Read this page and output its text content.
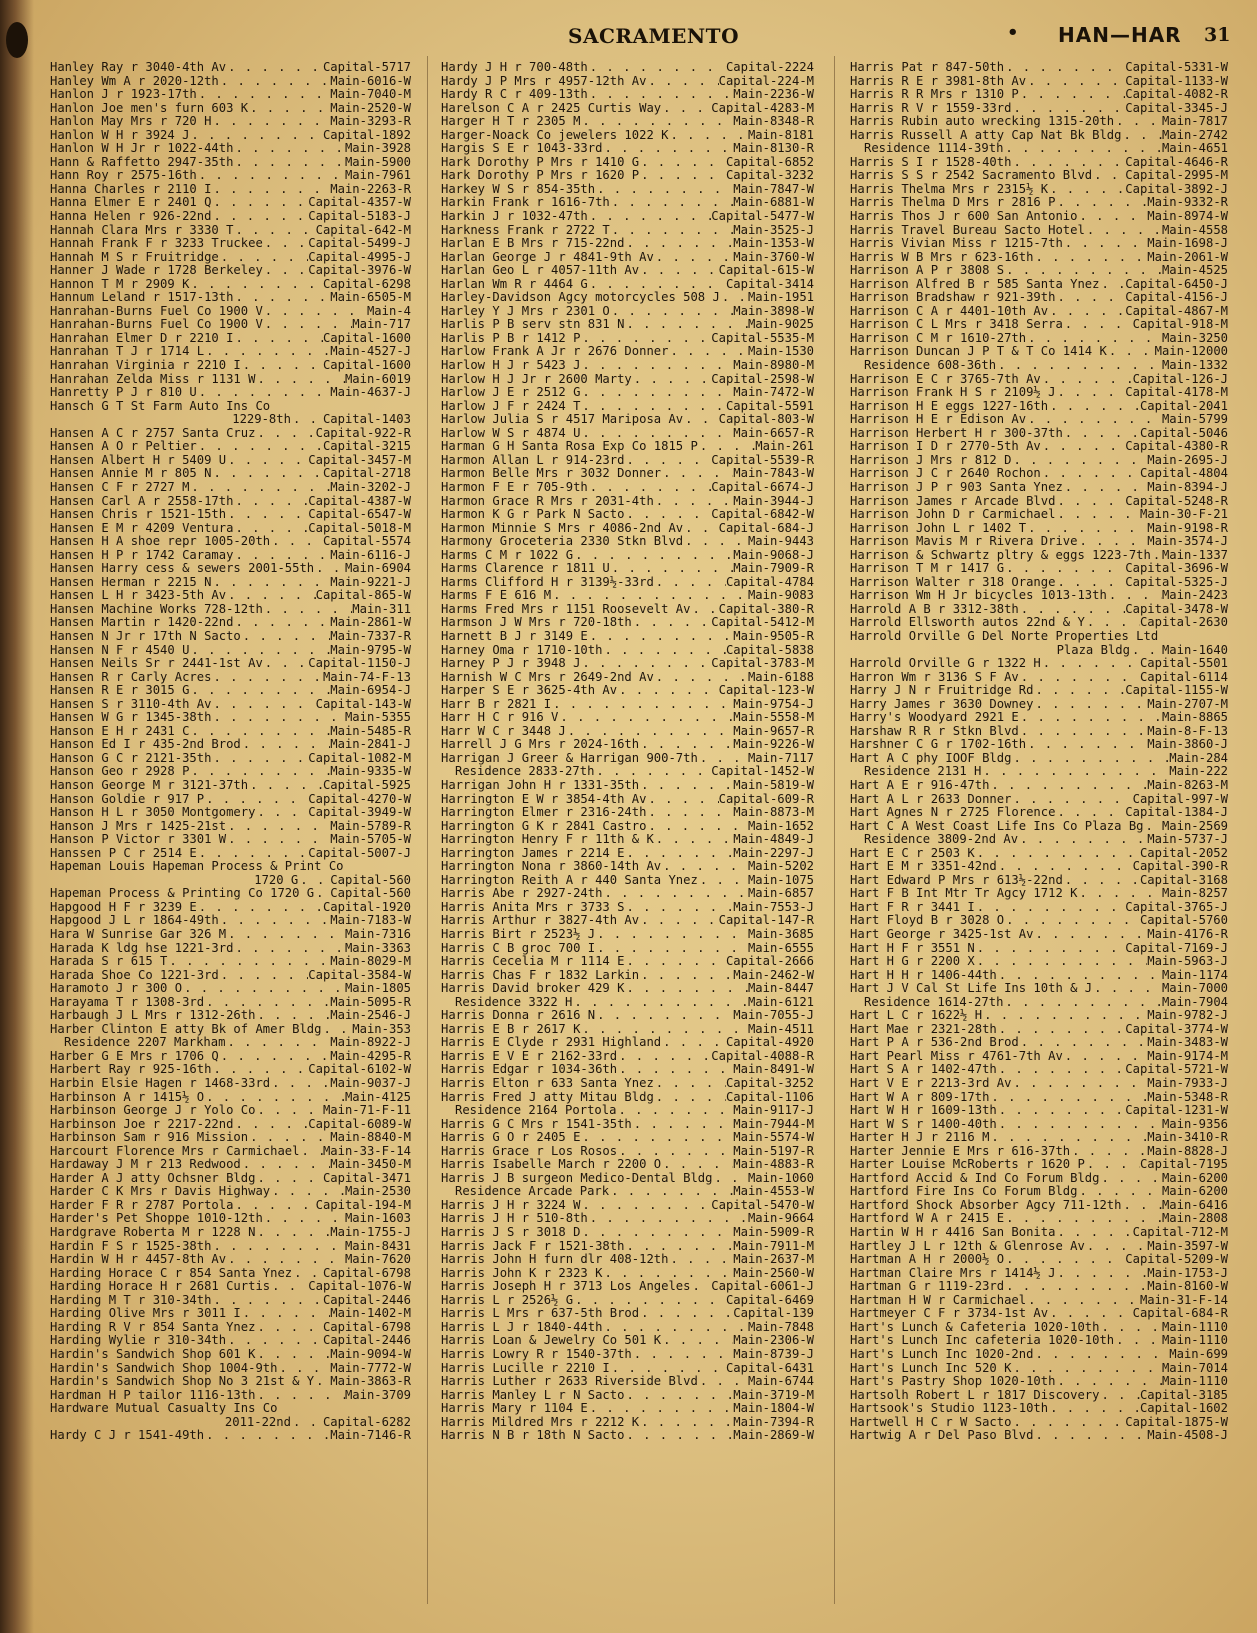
SACRAMENTO	• HAN—HAR 31
Hanley Ray r 3040-4th Av . . .	Capital-5717
Hanley Wm A r 2020-12th . . .	Main-6016-W
Hanlon J r 1923-17th . . .	Main-7040-M
Hanlon Joe men's furn 603 K . . .	Main-2520-W
Hanlon May Mrs r 720 H . . .	Main-3293-R
Hanlon W H r 3924 J . . .	Capital-1892
Hanlon W H Jr r 1022-44th . . .	Main-3928
Hann & Raffetto 2947-35th . . .	Main-5900
Hann Roy r 2575-16th . . .	Main-7961
Hanna Charles r 2110 I . . .	Main-2263-R
Hanna Elmer E r 2401 Q . . .	Capital-4357-W
Hanna Helen r 926-22nd . . .	Capital-5183-J
Hannah Clara Mrs r 3330 T . . .	Capital-642-M
Hannah Frank F r 3233 Truckee . . .	Capital-5499-J
Hannah M S r Fruitridge . . .	Capital-4995-J
Hanner J Wade r 1728 Berkeley . . .	Capital-3976-W
Hannon T M r 2909 K . . .	Capital-6298
Hannum Leland r 1517-13th . . .	Main-6505-M
Hanrahan-Burns Fuel Co 1900 V . . .	Main-4
Hanrahan-Burns Fuel Co 1900 V . . .	Main-717
Hanrahan Elmer D r 2210 I . . .	Capital-1600
Hanrahan T J r 1714 L . . .	Main-4527-J
Hanrahan Virginia r 2210 I . . .	Capital-1600
Hanrahan Zelda Miss r 1131 W . . .	Main-6019
Hanretty P J r 810 U . . .	Main-4637-J
Hansch G T St Farm Auto Ins Co
1229-8th . . .	Capital-1403
Hansen A C r 2757 Santa Cruz . . .	Capital-922-R
Hansen A O r Peltier . . .	Capital-3215
Hansen Albert H r 5409 U . . .	Capital-3457-M
Hansen Annie M r 805 N . . .	Capital-2718
Hansen C F r 2727 M . . .	Main-3202-J
Hansen Carl A r 2558-17th . . .	Capital-4387-W
Hansen Chris r 1521-15th . . .	Capital-6547-W
Hansen E M r 4209 Ventura . . .	Capital-5018-M
Hansen H A shoe repr 1005-20th . . .	Capital-5574
Hansen H P r 1742 Caramay . . .	Main-6116-J
Hansen Harry cess & sewers 2001-55th . . .	Main-6904
Hansen Herman r 2215 N . . .	Main-9221-J
Hansen L H r 3423-5th Av . . .	Capital-865-W
Hansen Machine Works 728-12th . . .	Main-311
Hansen Martin r 1420-22nd . . .	Main-2861-W
Hansen N Jr r 17th N Sacto . . .	Main-7337-R
Hansen N F r 4540 U . . .	Main-9795-W
Hansen Neils Sr r 2441-1st Av . . .	Capital-1150-J
Hansen R r Carly Acres . . .	Main-74-F-13
Hansen R E r 3015 G . . .	Main-6954-J
Hansen S r 3110-4th Av . . .	Capital-143-W
Hansen W G r 1345-38th . . .	Main-5355
Hanson E H r 2431 C . . .	Main-5485-R
Hanson Ed I r 435-2nd Brod . . .	Main-2841-J
Hanson G C r 2121-35th . . .	Capital-1082-M
Hanson Geo r 2928 P . . .	Main-9335-W
Hanson George M r 3121-37th . . .	Capital-5925
Hanson Goldie r 917 P . . .	Capital-4270-W
Hanson H L r 3050 Montgomery . . .	Capital-3949-W
Hanson J Mrs r 1425-21st . . .	Main-5789-R
Hanson P Victor r 3301 W . . .	Main-5705-W
Hanssen P C r 2514 E . . .	Capital-5007-J
Hapeman Louis Hapeman Process & Print Co
1720 G . . .	Capital-560
Hapeman Process & Printing Co 1720 G . . . Capital-560
Hapgood H F r 3239 E . . .	Capital-1920
Hapgood J L r 1864-49th . . .	Main-7183-W
Hara W Sunrise Gar 326 M . . .	Main-7316
Harada K ldg hse 1221-3rd . . .	Main-3363
Harada S r 615 T . . .	Main-8029-M
Harada Shoe Co 1221-3rd . . .	Capital-3584-W
Haramoto J r 300 O . . .	Main-1805
Harayama T r 1308-3rd . . .	Main-5095-R
Harbaugh J L Mrs r 1312-26th . . .	Main-2546-J
Harber Clinton E atty Bk of Amer Bldg . . .	Main-353
Residence 2207 Markham . . .	Main-8922-J
Harber G E Mrs r 1706 Q . . .	Main-4295-R
Harbert Ray r 925-16th . . .	Capital-6102-W
Harbin Elsie Hagen r 1468-33rd . . .	Main-9037-J
Harbinson A r 1415½ O . . .	Main-4125
Harbinson George J r Yolo Co . . .	Main-71-F-11
Harbinson Joe r 2217-22nd . . .	Capital-6089-W
Harbinson Sam r 916 Mission . . .	Main-8840-M
Harcourt Florence Mrs r Carmichael . . . Main-33-F-14
Hardaway J M r 213 Redwood . . .	Main-3450-M
Harder A J atty Ochsner Bldg . . .	Capital-3471
Harder C K Mrs r Davis Highway . . .	Main-2530
Harder F R r 2787 Portola . . .	Capital-194-M
Harder's Pet Shoppe 1010-12th . . .	Main-1603
Hardgrave Roberta M r 1228 N . . .	Main-1755-J
Hardin F S r 1525-38th . . .	Main-8431
Hardin W H r 4457-8th Av . . .	Main-7620
Harding Horace C r 854 Santa Ynez . . .	Capital-6798
Harding Horace H r 2681 Curtis . . .	Capital-1076-W
Harding M T r 310-34th . . .	Capital-2446
Harding Olive Mrs r 3011 I . . .	Main-1402-M
Harding R V r 854 Santa Ynez . . .	Capital-6798
Harding Wylie r 310-34th . . .	Capital-2446
Hardin's Sandwich Shop 601 K . . .	Main-9094-W
Hardin's Sandwich Shop 1004-9th . . .	Main-7772-W
Hardin's Sandwich Shop No 3 21st & Y . . . Main-3863-R
Hardman H P tailor 1116-13th . . .	Main-3709
Hardware Mutual Casualty Ins Co
2011-22nd . . .	Capital-6282
Hardy C J r 1541-49th . . .	Main-7146-R
Hardy J H r 700-48th . . .	Capital-2224
Hardy J P Mrs r 4957-12th Av . . .	Capital-224-M
Hardy R C r 409-13th . . .	Main-2236-W
Harelson C A r 2425 Curtis Way . . .	Capital-4283-M
Harger H T r 2305 M . . .	Main-8348-R
Harger-Noack Co jewelers 1022 K . . .	Main-8181
Hargis S E r 1043-33rd . . .	Main-8130-R
Hark Dorothy P Mrs r 1410 G . . .	Capital-6852
Hark Dorothy P Mrs r 1620 P . . .	Capital-3232
Harkey W S r 854-35th . . .	Main-7847-W
Harkin Frank r 1616-7th . . .	Main-6881-W
Harkin J r 1032-47th . . .	Capital-5477-W
Harkness Frank r 2722 T . . .	Main-3525-J
Harlan E B Mrs r 715-22nd . . .	Main-1353-W
Harlan George J r 4841-9th Av . . .	Main-3760-W
Harlan Geo L r 4057-11th Av . . .	Capital-615-W
Harlan Wm R r 4464 G . . .	Capital-3414
Harley-Davidson Agcy motorcycles 508 J . . . Main-1951
Harley Y J Mrs r 2301 O . . .	Main-3898-W
Harlis P B serv stn 831 N . . .	Main-9025
Harlis P B r 1412 P . . .	Capital-5535-M
Harlow Frank A Jr r 2676 Donner . . .	Main-1530
Harlow H J r 5423 J . . .	Main-8980-M
Harlow H J Jr r 2600 Marty . . .	Capital-2598-W
Harlow J E r 2512 G . . .	Main-7472-W
Harlow J F r 2424 T . . .	Capital-5591
Harlow Julia S r 4517 Mariposa Av . . .	Capital-803-W
Harlow W S r 4874 U . . .	Main-6657-R
Harman G H Santa Rosa Exp Co 1815 P . . .	Main-261
Harmon Allan L r 914-23rd . . .	Capital-5539-R
Harmon Belle Mrs r 3032 Donner . . .	Main-7843-W
Harmon F E r 705-9th . . .	Capital-6674-J
Harmon Grace R Mrs r 2031-4th . . .	Main-3944-J
Harmon K G r Park N Sacto . . .	Capital-6842-W
Harmon Minnie S Mrs r 4086-2nd Av . . .	Capital-684-J
Harmony Groceteria 2330 Stkn Blvd . . .	Main-9443
Harms C M r 1022 G . . .	Main-9068-J
Harms Clarence r 1811 U . . .	Main-7909-R
Harms Clifford H r 3139½-33rd . . .	Capital-4784
Harms F E 616 M . . .	Main-9083
Harms Fred Mrs r 1151 Roosevelt Av . . . Capital-380-R
Harmson J W Mrs r 720-18th . . .	Capital-5412-M
Harnett B J r 3149 E . . .	Main-9505-R
Harney Oma r 1710-10th . . .	Capital-5838
Harney P J r 3948 J . . .	Capital-3783-M
Harnish W C Mrs r 2649-2nd Av . . .	Main-6188
Harper S E r 3625-4th Av . . .	Capital-123-W
Harr B r 2821 I . . .	Main-9754-J
Harr H C r 916 V . . .	Main-5558-M
Harr W C r 3448 J . . .	Main-9657-R
Harrell J G Mrs r 2024-16th . . .	Main-9226-W
Harrigan J Greer & Harrigan 900-7th . . .	Main-7117
Residence 2833-27th . . .	Capital-1452-W
Harrigan John H r 1331-35th . . .	Main-5819-W
Harrington E W r 3854-4th Av . . .	Capital-609-R
Harrington Elmer r 2316-24th . . .	Main-8873-M
Harrington G K r 2841 Castro . . .	Main-1652
Harrington Henry F r 11th & K . . .	Main-4849-J
Harrington James r 2214 E . . .	Main-2297-J
Harrington Nona r 3860-14th Av . . .	Main-5202
Harrington Reith A r 440 Santa Ynez . . .	Main-1075
Harris Abe r 2927-24th . . .	Main-6857
Harris Anita Mrs r 3733 S . . .	Main-7553-J
Harris Arthur r 3827-4th Av . . .	Capital-147-R
Harris Birt r 2523½ J . . .	Main-3685
Harris C B groc 700 I . . .	Main-6555
Harris Cecelia M r 1114 E . . .	Capital-2666
Harris Chas F r 1832 Larkin . . .	Main-2462-W
Harris David broker 429 K . . .	Main-8447
Residence 3322 H . . .	Main-6121
Harris Donna r 2616 N . . .	Main-7055-J
Harris E B r 2617 K . . .	Main-4511
Harris E Clyde r 2931 Highland . . .	Capital-4920
Harris E V E r 2162-33rd . . .	Capital-4088-R
Harris Edgar r 1034-36th . . .	Main-8491-W
Harris Elton r 633 Santa Ynez . . .	Capital-3252
Harris Fred J atty Mitau Bldg . . .	Capital-1106
Residence 2164 Portola . . .	Main-9117-J
Harris G C Mrs r 1541-35th . . .	Main-7944-M
Harris G O r 2405 E . . .	Main-5574-W
Harris Grace r Los Rosos . . .	Main-5197-R
Harris Isabelle March r 2200 O . . .	Main-4883-R
Harris J B surgeon Medico-Dental Bldg . . .	Main-1060
Residence Arcade Park . . .	Main-4553-W
Harris J H r 3224 W . . .	Capital-5470-W
Harris J H r 510-8th . . .	Main-9664
Harris J S r 3018 D . . .	Main-5909-R
Harris Jack F r 1521-38th . . .	Main-7911-M
Harris John H furn dlr 408-12th . . .	Main-2637-M
Harris John K r 2323 K . . .	Main-2560-W
Harris Joseph H r 3713 Los Angeles . . . Capital-6061-J
Harris L r 2526½ G . . .	Capital-6469
Harris L Mrs r 637-5th Brod . . .	Capital-139
Harris L J r 1840-44th . . .	Main-7848
Harris Loan & Jewelry Co 501 K . . .	Main-2306-W
Harris Lowry R r 1540-37th . . .	Main-8739-J
Harris Lucille r 2210 I . . .	Capital-6431
Harris Luther r 2633 Riverside Blvd . . .	Main-6744
Harris Manley L r N Sacto . . .	Main-3719-M
Harris Mary r 1104 E . . .	Main-1804-W
Harris Mildred Mrs r 2212 K . . .	Main-7394-R
Harris N B r 18th N Sacto . . .	Main-2869-W
Harris Pat r 847-50th . . .	Capital-5331-W
Harris R E r 3981-8th Av . . .	Capital-1133-W
Harris R R Mrs r 1310 P . . .	Capital-4082-R
Harris R V r 1559-33rd . . .	Capital-3345-J
Harris Rubin auto wrecking 1315-20th . . .	Main-7817
Harris Russell A atty Cap Nat Bk Bldg . . .	Main-2742
Residence 1114-39th . . .	Main-4651
Harris S I r 1528-40th . . .	Capital-4646-R
Harris S S r 2542 Sacramento Blvd . . .	Capital-2995-M
Harris Thelma Mrs r 2315½ K . . .	Capital-3892-J
Harris Thelma D Mrs r 2816 P . . .	Main-9332-R
Harris Thos J r 600 San Antonio . . .	Main-8974-W
Harris Travel Bureau Sacto Hotel . . .	Main-4558
Harris Vivian Miss r 1215-7th . . .	Main-1698-J
Harris W B Mrs r 623-16th . . .	Main-2061-W
Harrison A P r 3808 S . . .	Main-4525
Harrison Alfred B r 585 Santa Ynez . . . Capital-6450-J
Harrison Bradshaw r 921-39th . . .	Capital-4156-J
Harrison C A r 4401-10th Av . . .	Capital-4867-M
Harrison C L Mrs r 3418 Serra . . .	Capital-918-M
Harrison C M r 1610-27th . . .	Main-3250
Harrison Duncan J P T & T Co 1414 K . . .	Main-12000
Residence 608-36th . . .	Main-1332
Harrison E C r 3765-7th Av . . .	Capital-126-J
Harrison Frank H S r 2109½ J . . .	Capital-4178-M
Harrison H E eggs 1227-16th . . .	Capital-2041
Harrison H E r Edison Av . . .	Main-5799
Harrison Herbert H r 300-37th . . .	Capital-5046
Harrison I D r 2770-5th Av . . .	Capital-4380-R
Harrison J Mrs r 812 D . . .	Main-2695-J
Harrison J C r 2640 Rochon . . .	Capital-4804
Harrison J P r 903 Santa Ynez . . .	Main-8394-J
Harrison James r Arcade Blvd . . .	Capital-5248-R
Harrison John D r Carmichael . . .	Main-30-F-21
Harrison John L r 1402 T . . .	Main-9198-R
Harrison Mavis M r Rivera Drive . . .	Main-3574-J
Harrison & Schwartz pltry & eggs 1223-7th . . . Main-1337
Harrison T M r 1417 G . . .	Capital-3696-W
Harrison Walter r 318 Orange . . .	Capital-5325-J
Harrison Wm H Jr bicycles 1013-13th . . .	Main-2423
Harrold A B r 3312-38th . . .	Capital-3478-W
Harrold Ellsworth autos 22nd & Y . . .	Capital-2630
Harrold Orville G Del Norte Properties Ltd
Plaza Bldg . . .	Main-1640
Harrold Orville G r 1322 H . . .	Capital-5501
Harron Wm r 3136 S F Av . . .	Capital-6114
Harry J N r Fruitridge Rd . . .	Capital-1155-W
Harry James r 3630 Downey . . .	Main-2707-M
Harry's Woodyard 2921 E . . .	Main-8865
Harshaw R R r Stkn Blvd . . .	Main-8-F-13
Harshner C G r 1702-16th . . .	Main-3860-J
Hart A C phy IOOF Bldg . . .	Main-284
Residence 2131 H . . .	Main-222
Hart A E r 916-47th . . .	Main-8263-M
Hart A L r 2633 Donner . . .	Capital-997-W
Hart Agnes N r 2725 Florence . . .	Capital-1384-J
Hart C A West Coast Life Ins Co Plaza Bg . . . Main-2569
Residence 3809-2nd Av . . .	Main-5737-J
Hart E C r 2503 K . . .	Capital-2052
Hart E M r 3351-42nd . . .	Capital-390-R
Hart Edward P Mrs r 613½-22nd . . .	Capital-3168
Hart F B Int Mtr Tr Agcy 1712 K . . .	Main-8257
Hart F R r 3441 I . . .	Capital-3765-J
Hart Floyd B r 3028 O . . .	Capital-5760
Hart George r 3425-1st Av . . .	Main-4176-R
Hart H F r 3551 N . . .	Capital-7169-J
Hart H G r 2200 X . . .	Main-5963-J
Hart H H r 1406-44th . . .	Main-1174
Hart J V Cal St Life Ins 10th & J . . .	Main-7000
Residence 1614-27th . . .	Main-7904
Hart L C r 1622½ H . . .	Main-9782-J
Hart Mae r 2321-28th . . .	Capital-3774-W
Hart P A r 536-2nd Brod . . .	Main-3483-W
Hart Pearl Miss r 4761-7th Av . . .	Main-9174-M
Hart S A r 1402-47th . . .	Capital-5721-W
Hart V E r 2213-3rd Av . . .	Main-7933-J
Hart W A r 809-17th . . .	Main-5348-R
Hart W H r 1609-13th . . .	Capital-1231-W
Hart W S r 1400-40th . . .	Main-9356
Harter H J r 2116 M . . .	Main-3410-R
Harter Jennie E Mrs r 616-37th . . .	Main-8828-J
Harter Louise McRoberts r 1620 P . . .	Capital-7195
Hartford Accid & Ind Co Forum Bldg . . .	Main-6200
Hartford Fire Ins Co Forum Bldg . . .	Main-6200
Hartford Shock Absorber Agcy 711-12th . . .	Main-6416
Hartford W A r 2415 E . . .	Main-2808
Hartin W H r 4416 San Bonita . . .	Capital-712-M
Hartley J L r 12th & Glenrose Av . . .	Main-3597-W
Hartman A H r 2000½ O . . .	Capital-5209-W
Hartman Claire Mrs r 1414½ J . . .	Main-1753-J
Hartman G r 1119-23rd . . .	Main-8160-W
Hartman H W r Carmichael . . .	Main-31-F-14
Hartmeyer C F r 3734-1st Av . . .	Capital-684-R
Hart's Lunch & Cafeteria 1020-10th . . .	Main-1110
Hart's Lunch Inc cafeteria 1020-10th . . .	Main-1110
Hart's Lunch Inc 1020-2nd . . .	Main-699
Hart's Lunch Inc 520 K . . .	Main-7014
Hart's Pastry Shop 1020-10th . . .	Main-1110
Hartsolh Robert L r 1817 Discovery . . .	Capital-3185
Hartsook's Studio 1123-10th . . .	Capital-1602
Hartwell H C r W Sacto . . .	Capital-1875-W
Hartwig A r Del Paso Blvd . . .	Main-4508-J
